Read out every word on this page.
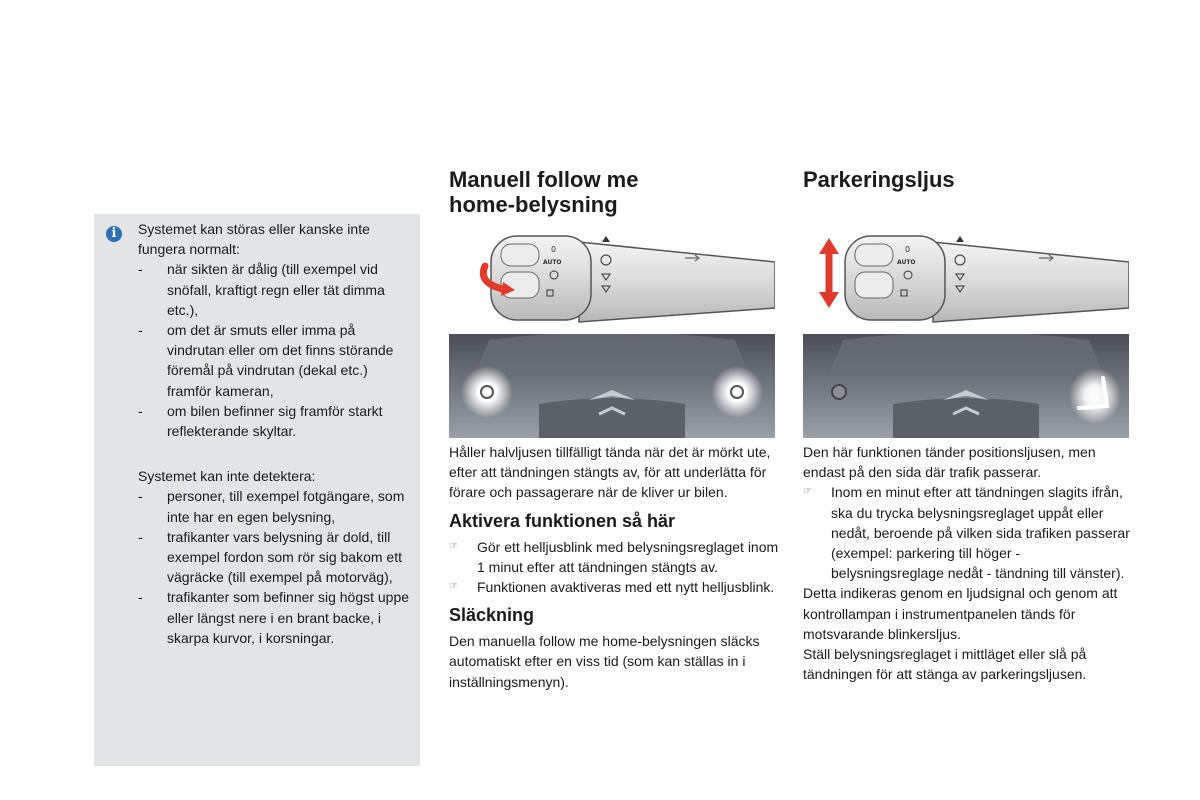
i	Systemet kan störas eller kanske inte fungera normalt:

- när sikten är dålig (till exempel vid snöfall, kraftigt regn eller tät dimma etc.),
- om det är smuts eller imma på vindrutan eller om det finns störande föremål på vindrutan (dekal etc.) framför kameran,
- om bilen befinner sig framför starkt reflekterande skyltar.

Systemet kan inte detektera:

- personer, till exempel fotgängare, som inte har en egen belysning,
- trafikanter vars belysning är dold, till exempel fordon som rör sig bakom ett vägräcke (till exempel på motorväg),
- trafikanter som befinner sig högst uppe eller längst nere i en brant backe, i skarpa kurvor, i korsningar.
Manuell follow me
home-belysning
0
AUTO

Håller halvljusen tillfälligt tända när det är mörkt ute, efter att tändningen stängts av, för att underlätta för förare och passagerare när de kliver ur bilen.

Aktivera funktionen så här
☞ Gör ett helljusblink med belysningsreglaget inom 1 minut efter att tändningen stängts av.
☞ Funktionen avaktiveras med ett nytt helljusblink.
Släckning

Den manuella follow me home-belysningen släcks automatiskt efter en viss tid (som kan ställas in i inställningsmenyn).

Parkeringsljus
0
AUTO

Den här funktionen tänder positionsljusen, men endast på den sida där trafik passerar.

☞ Inom en minut efter att tändningen slagits ifrån, ska du trycka belysningsreglaget uppåt eller nedåt, beroende på vilken sida trafiken passerar (exempel: parkering till höger - belysningsreglage nedåt - tändning till vänster).

Detta indikeras genom en ljudsignal och genom att kontrollampan i instrumentpanelen tänds för motsvarande blinkersljus.

Ställ belysningsreglaget i mittläget eller slå på tändningen för att stänga av parkeringsljusen.
